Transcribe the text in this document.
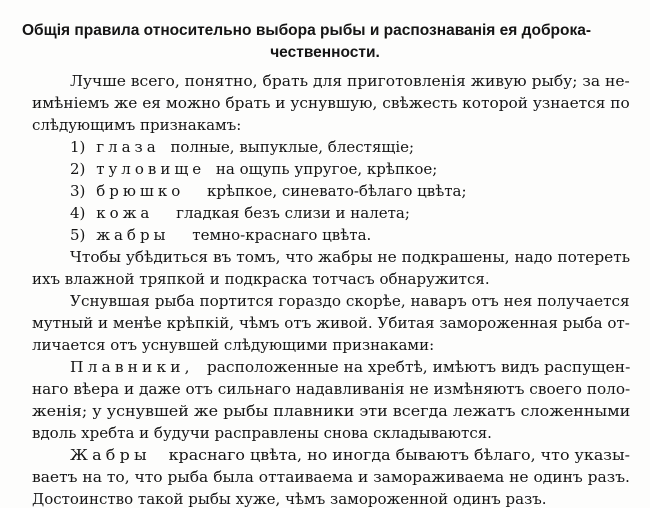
Общія правила относительно выбора рыбы и распознаванія ея доброка-
чественности.
Лучше всего, понятно, брать для приготовленія живую рыбу; за не-
имѣніемъ же ея можно брать и уснувшую, свѣжесть которой узнается по
слѣдующимъ признакамъ:
1) глаза полные, выпуклые, блестящіе;
2) туловище на ощупь упругое, крѣпкое;
3) брюшко крѣпкое, синевато-бѣлаго цвѣта;
4) кожа гладкая безъ слизи и налета;
5) жабры темно-краснаго цвѣта.
Чтобы убѣдиться въ томъ, что жабры не подкрашены, надо потереть
ихъ влажной тряпкой и подкраска тотчасъ обнаружится.
Уснувшая рыба портится гораздо скорѣе, наваръ отъ нея получается
мутный и менѣе крѣпкій, чѣмъ отъ живой. Убитая замороженная рыба от-
личается отъ уснувшей слѣдующими признаками:
Плавники, расположенные на хребтѣ, имѣютъ видъ распущен-
наго вѣера и даже отъ сильнаго надавливанія не измѣняютъ своего поло-
женія; у уснувшей же рыбы плавники эти всегда лежатъ сложенными
вдоль хребта и будучи расправлены снова складываются.
Жабры краснаго цвѣта, но иногда бываютъ бѣлаго, что указы-
ваетъ на то, что рыба была оттаиваема и замораживаема не одинъ разъ.
Достоинство такой рыбы хуже, чѣмъ замороженной одинъ разъ.
